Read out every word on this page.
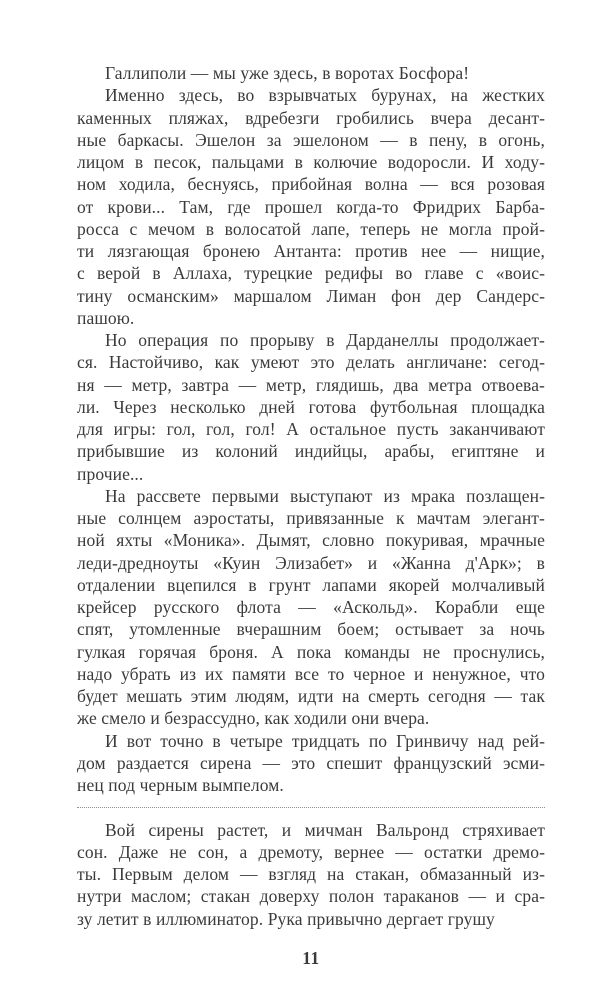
Галлиполи — мы уже здесь, в воротах Босфора!
Именно здесь, во взрывчатых бурунах, на жестких
каменных пляжах, вдребезги гробились вчера десант-
ные баркасы. Эшелон за эшелоном — в пену, в огонь,
лицом в песок, пальцами в колючие водоросли. И ходу-
ном ходила, беснуясь, прибойная волна — вся розовая
от крови... Там, где прошел когда-то Фридрих Барба-
росса с мечом в волосатой лапе, теперь не могла прой-
ти лязгающая бронею Антанта: против нее — нищие,
с верой в Аллаха, турецкие редифы во главе с «воис-
тину османским» маршалом Лиман фон дер Сандерс-
пашою.
Но операция по прорыву в Дарданеллы продолжает-
ся. Настойчиво, как умеют это делать англичане: сегод-
ня — метр, завтра — метр, глядишь, два метра отвоева-
ли. Через несколько дней готова футбольная площадка
для игры: гол, гол, гол! А остальное пусть заканчивают
прибывшие из колоний индийцы, арабы, египтяне и
прочие...
На рассвете первыми выступают из мрака позлащен-
ные солнцем аэростаты, привязанные к мачтам элегант-
ной яхты «Моника». Дымят, словно покуривая, мрачные
леди-дредноуты «Куин Элизабет» и «Жанна д'Арк»; в
отдалении вцепился в грунт лапами якорей молчаливый
крейсер русского флота — «Аскольд». Корабли еще
спят, утомленные вчерашним боем; остывает за ночь
гулкая горячая броня. А пока команды не проснулись,
надо убрать из их памяти все то черное и ненужное, что
будет мешать этим людям, идти на смерть сегодня — так
же смело и безрассудно, как ходили они вчера.
И вот точно в четыре тридцать по Гринвичу над рей-
дом раздается сирена — это спешит французский эсми-
нец под черным вымпелом.
Вой сирены растет, и мичман Вальронд стряхивает
сон. Даже не сон, а дремоту, вернее — остатки дремо-
ты. Первым делом — взгляд на стакан, обмазанный из-
нутри маслом; стакан доверху полон тараканов — и сра-
зу летит в иллюминатор. Рука привычно дергает грушу
11
